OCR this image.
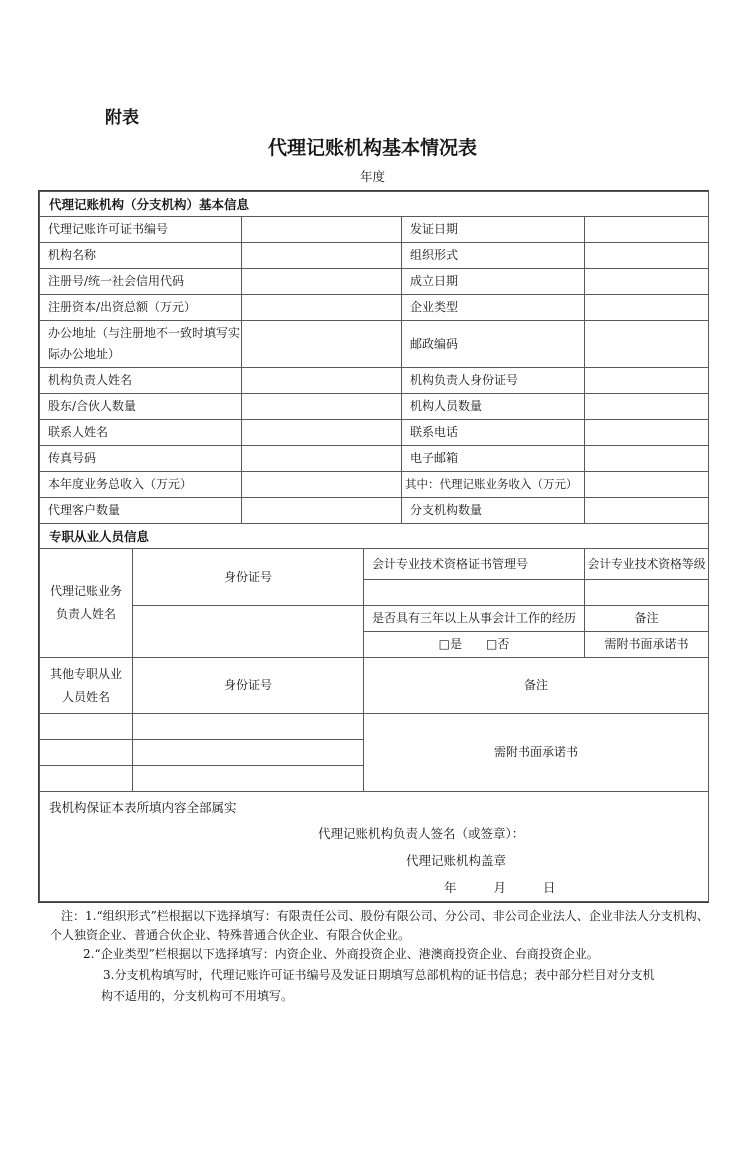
附表
代理记账机构基本情况表
年度
代理记账机构（分支机构）基本信息					
代理记账许可证书编号				发证日期	
机构名称				组织形式	
注册号/统一社会信用代码				成立日期	
注册资本/出资总额（万元）				企业类型	
办公地址（与注册地不一致时填写实际办公地址）				邮政编码	
机构负责人姓名				机构负责人身份证号	
股东/合伙人数量				机构人员数量	
联系人姓名				联系电话	
传真号码				电子邮箱	
本年度业务总收入（万元）				其中：代理记账业务收入（万元）	
代理客户数量				分支机构数量	
专职从业人员信息					
代理记账业务负责人姓名	身份证号		会计专业技术资格证书管理号		会计专业技术资格等级

			是否具有三年以上从事会计工作的经历		备注
			□是　　□否		需附书面承诺书
其他专职从业人员姓名	身份证号		备注		
			需附书面承诺书		

我机构保证本表所填内容全部属实
代理记账机构负责人签名（或签章）：
代理记账机构盖章
年	月	日
注：1.“组织形式”栏根据以下选择填写：有限责任公司、股份有限公司、分公司、非公司企业法人、企业非法人分支机构、
个人独资企业、普通合伙企业、特殊普通合伙企业、有限合伙企业。
2.“企业类型”栏根据以下选择填写：内资企业、外商投资企业、港澳商投资企业、台商投资企业。
3.分支机构填写时，代理记账许可证书编号及发证日期填写总部机构的证书信息；表中部分栏目对分支机
构不适用的，分支机构可不用填写。
